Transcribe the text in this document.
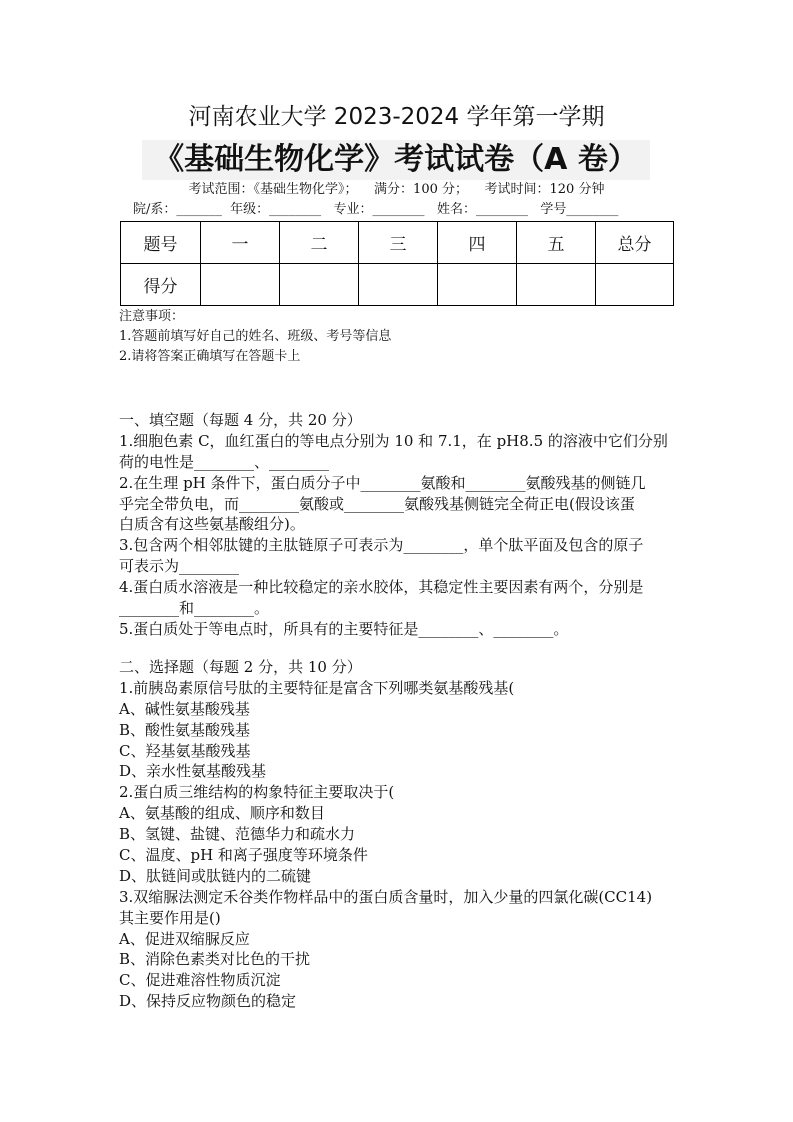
河南农业大学 2023-2024 学年第一学期
《基础生物化学》考试试卷（A 卷）
考试范围：《基础生物化学》；    满分：100 分；    考试时间：120 分钟
院/系：_______  年级：________   专业：________   姓名：________   学号________
题号	一	二	三	四	五	总分
得分						
注意事项：
1.答题前填写好自己的姓名、班级、考号等信息
2.请将答案正确填写在答题卡上
一、填空题（每题 4 分，共 20 分）
1.细胞色素 C，血红蛋白的等电点分别为 10 和 7.1，在 pH8.5 的溶液中它们分别
荷的电性是________、________
2.在生理 pH 条件下，蛋白质分子中________氨酸和________氨酸残基的侧链几
乎完全带负电，而________氨酸或________氨酸残基侧链完全荷正电(假设该蛋
白质含有这些氨基酸组分)。
3.包含两个相邻肽键的主肽链原子可表示为________，单个肽平面及包含的原子
可表示为________
4.蛋白质水溶液是一种比较稳定的亲水胶体，其稳定性主要因素有两个，分别是
________和________。
5.蛋白质处于等电点时，所具有的主要特征是________、________。
二、选择题（每题 2 分，共 10 分）
1.前胰岛素原信号肽的主要特征是富含下列哪类氨基酸残基(
A、碱性氨基酸残基
B、酸性氨基酸残基
C、羟基氨基酸残基
D、亲水性氨基酸残基
2.蛋白质三维结构的构象特征主要取决于(
A、氨基酸的组成、顺序和数目
B、氢键、盐键、范德华力和疏水力
C、温度、pH 和离子强度等环境条件
D、肽链间或肽链内的二硫键
3.双缩脲法测定禾谷类作物样品中的蛋白质含量时，加入少量的四氯化碳(CC14)
其主要作用是()
A、促进双缩脲反应
B、消除色素类对比色的干扰
C、促进难溶性物质沉淀
D、保持反应物颜色的稳定
